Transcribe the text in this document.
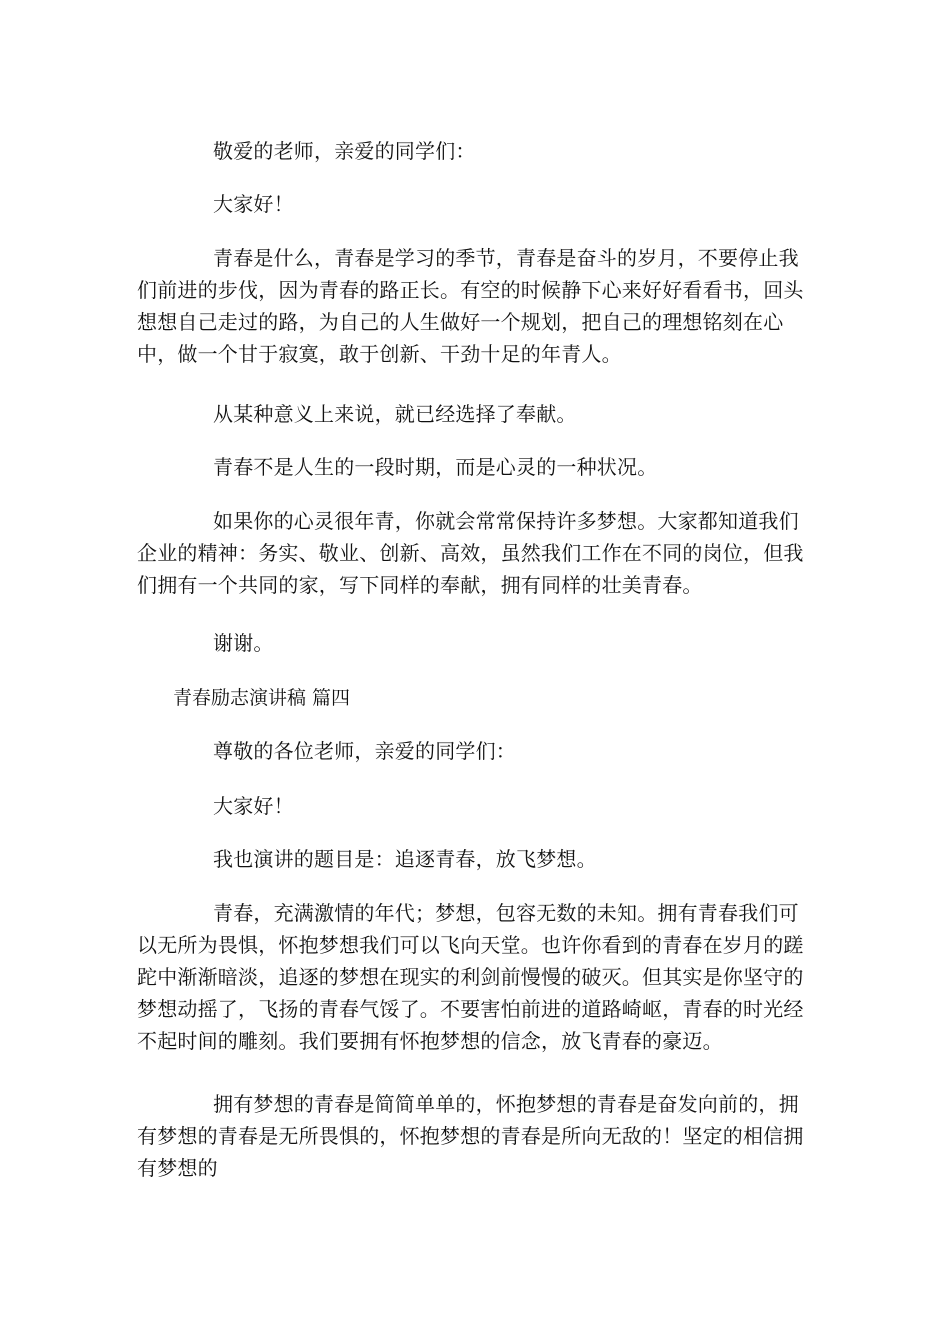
敬爱的老师，亲爱的同学们：

大家好！

青春是什么，青春是学习的季节，青春是奋斗的岁月，不要停止我们前进的步伐，因为青春的路正长。有空的时候静下心来好好看看书，回头想想自己走过的路，为自己的人生做好一个规划，把自己的理想铭刻在心中，做一个甘于寂寞，敢于创新、干劲十足的年青人。

从某种意义上来说，就已经选择了奉献。

青春不是人生的一段时期，而是心灵的一种状况。

如果你的心灵很年青，你就会常常保持许多梦想。大家都知道我们企业的精神：务实、敬业、创新、高效，虽然我们工作在不同的岗位，但我们拥有一个共同的家，写下同样的奉献，拥有同样的壮美青春。

谢谢。

青春励志演讲稿 篇四

尊敬的各位老师，亲爱的同学们：

大家好！

我也演讲的题目是：追逐青春，放飞梦想。

青春，充满激情的年代；梦想，包容无数的未知。拥有青春我们可以无所为畏惧，怀抱梦想我们可以飞向天堂。也许你看到的青春在岁月的蹉跎中渐渐暗淡，追逐的梦想在现实的利剑前慢慢的破灭。但其实是你坚守的梦想动摇了，飞扬的青春气馁了。不要害怕前进的道路崎岖，青春的时光经不起时间的雕刻。我们要拥有怀抱梦想的信念，放飞青春的豪迈。

拥有梦想的青春是简简单单的，怀抱梦想的青春是奋发向前的，拥有梦想的青春是无所畏惧的，怀抱梦想的青春是所向无敌的！坚定的相信拥有梦想的
